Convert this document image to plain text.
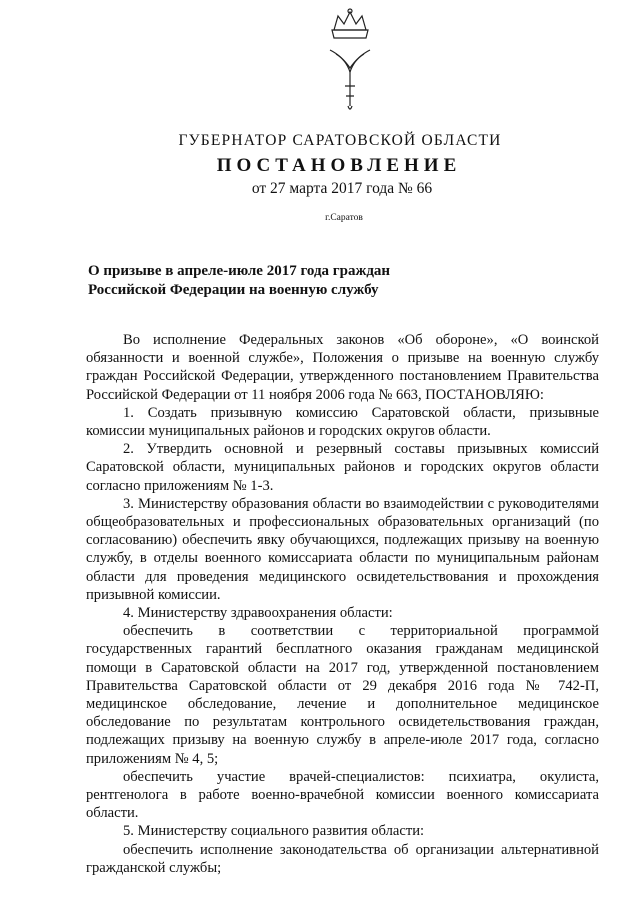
ГУБЕРНАТОР САРАТОВСКОЙ ОБЛАСТИ
ПОСТАНОВЛЕНИЕ
от 27 марта 2017 года № 66
г.Саратов
О призыве в апреле-июле 2017 года граждан
Российской Федерации на военную службу

Во исполнение Федеральных законов «Об обороне», «О воинской обязанности и военной службе», Положения о призыве на военную службу граждан Российской Федерации, утвержденного постановлением Правительства Российской Федерации от 11 ноября 2006 года № 663, ПОСТАНОВЛЯЮ:

1. Создать призывную комиссию Саратовской области, призывные комиссии муниципальных районов и городских округов области.

2. Утвердить основной и резервный составы призывных комиссий Саратовской области, муниципальных районов и городских округов области согласно приложениям № 1-3.

3. Министерству образования области во взаимодействии с руководителями общеобразовательных и профессиональных образовательных организаций (по согласованию) обеспечить явку обучающихся, подлежащих призыву на военную службу, в отделы военного комиссариата области по муниципальным районам области для проведения медицинского освидетельствования и прохождения призывной комиссии.

4. Министерству здравоохранения области:

обеспечить в соответствии с территориальной программой государственных гарантий бесплатного оказания гражданам медицинской помощи в Саратовской области на 2017 год, утвержденной постановлением Правительства Саратовской области от 29 декабря 2016 года № 742-П, медицинское обследование, лечение и дополнительное медицинское обследование по результатам контрольного освидетельствования граждан, подлежащих призыву на военную службу в апреле-июле 2017 года, согласно приложениям № 4, 5;

обеспечить участие врачей-специалистов: психиатра, окулиста, рентгенолога в работе военно-врачебной комиссии военного комиссариата области.

5. Министерству социального развития области:

обеспечить исполнение законодательства об организации альтернативной гражданской службы;
